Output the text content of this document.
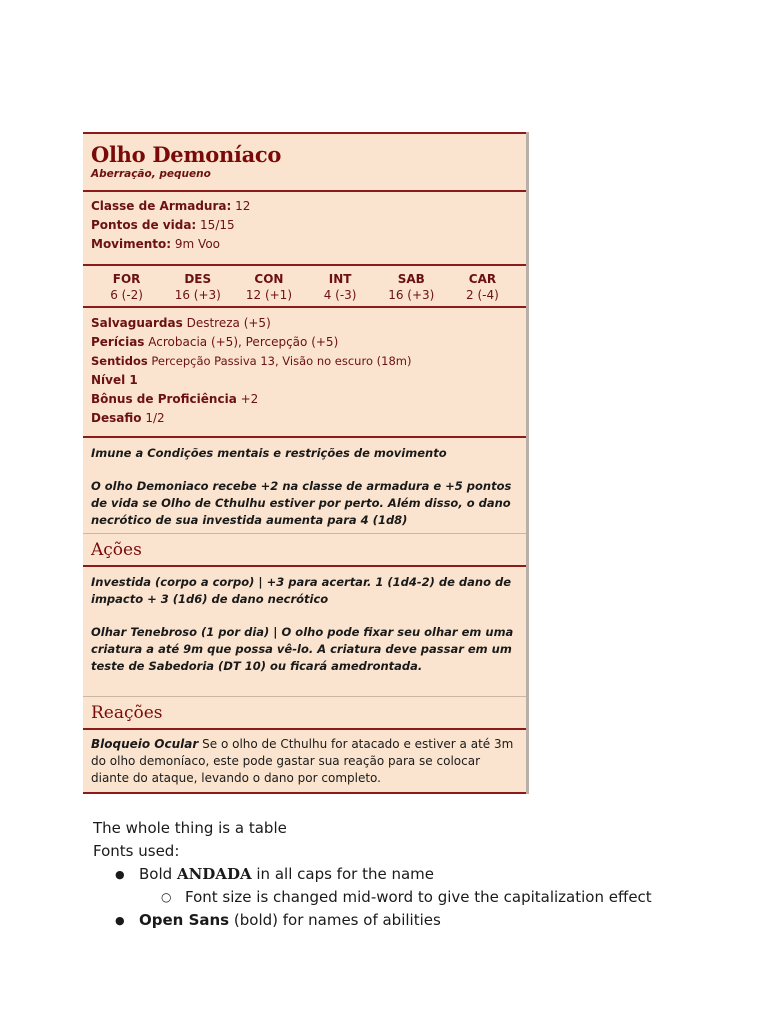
Olho Demoníaco
Aberração, pequeno
Classe de Armadura: 12
Pontos de vida: 15/15
Movimento: 9m Voo
FOR
6 (-2)
DES
16 (+3)
CON
12 (+1)
INT
4 (-3)
SAB
16 (+3)
CAR
2 (-4)
Salvaguardas Destreza (+5)
Perícias Acrobacia (+5), Percepção (+5)
Sentidos Percepção Passiva 13, Visão no escuro (18m)
Nível 1
Bônus de Proficiência +2
Desafio 1/2
Imune a Condições mentais e restrições de movimento
O olho Demoniaco recebe +2 na classe de armadura e +5 pontos de vida se Olho de Cthulhu estiver por perto. Além disso, o dano necrótico de sua investida aumenta para 4 (1d8)
Ações
Investida (corpo a corpo) | +3 para acertar. 1 (1d4-2) de dano de impacto + 3 (1d6) de dano necrótico
Olhar Tenebroso (1 por dia) | O olho pode fixar seu olhar em uma criatura a até 9m que possa vê-lo. A criatura deve passar em um teste de Sabedoria (DT 10) ou ficará amedrontada.
Reações
Bloqueio Ocular Se o olho de Cthulhu for atacado e estiver a até 3m do olho demoníaco, este pode gastar sua reação para se colocar diante do ataque, levando o dano por completo.
The whole thing is a table
Fonts used:
● Bold ANDADA in all caps for the name
○ Font size is changed mid-word to give the capitalization effect
● Open Sans (bold) for names of abilities
